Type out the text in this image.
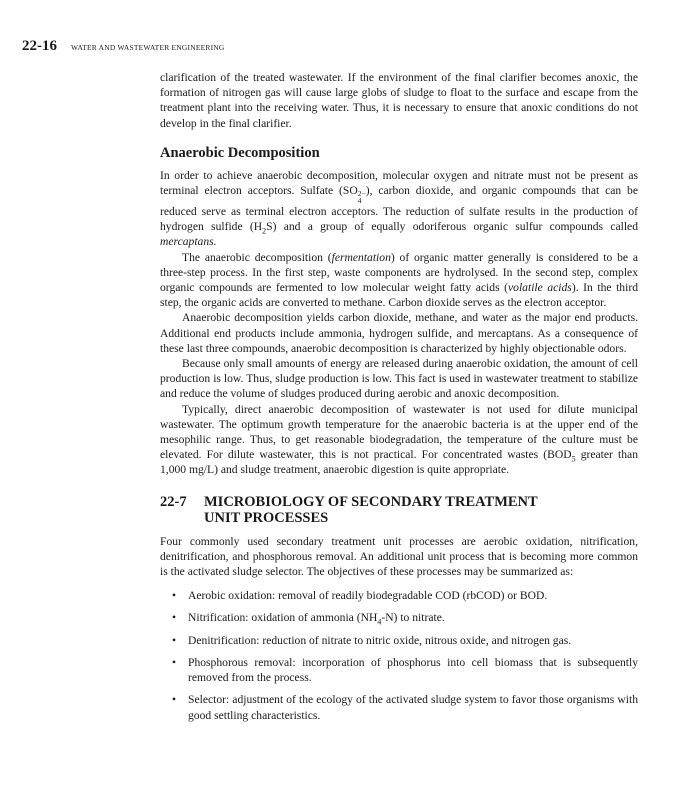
22-16 WATER AND WASTEWATER ENGINEERING

clarification of the treated wastewater. If the environment of the final clarifier becomes anoxic, the formation of nitrogen gas will cause large globs of sludge to float to the surface and escape from the treatment plant into the receiving water. Thus, it is necessary to ensure that anoxic conditions do not develop in the final clarifier.

Anaerobic Decomposition

In order to achieve anaerobic decomposition, molecular oxygen and nitrate must not be present as terminal electron acceptors. Sulfate (SO 2−
4
), carbon dioxide, and organic compounds that can be reduced serve as terminal electron acceptors. The reduction of sulfate results in the production of hydrogen sulfide $(H_2S)$ and a group of equally odoriferous organic sulfur compounds called mercaptans.

The anaerobic decomposition (fermentation) of organic matter generally is considered to be a three-step process. In the first step, waste components are hydrolysed. In the second step, complex organic compounds are fermented to low molecular weight fatty acids (volatile acids). In the third step, the organic acids are converted to methane. Carbon dioxide serves as the electron acceptor.

Anaerobic decomposition yields carbon dioxide, methane, and water as the major end products. Additional end products include ammonia, hydrogen sulfide, and mercaptans. As a consequence of these last three compounds, anaerobic decomposition is characterized by highly objectionable odors.

Because only small amounts of energy are released during anaerobic oxidation, the amount of cell production is low. Thus, sludge production is low. This fact is used in wastewater treatment to stabilize and reduce the volume of sludges produced during aerobic and anoxic decomposition.

Typically, direct anaerobic decomposition of wastewater is not used for dilute municipal wastewater. The optimum growth temperature for the anaerobic bacteria is at the upper end of the mesophilic range. Thus, to get reasonable biodegradation, the temperature of the culture must be elevated. For dilute wastewater, this is not practical. For concentrated wastes ($BOD_5$ greater than 1,000 mg/L) and sludge treatment, anaerobic digestion is quite appropriate.

22-7	MICROBIOLOGY OF SECONDARY TREATMENT
UNIT PROCESSES

Four commonly used secondary treatment unit processes are aerobic oxidation, nitrification, denitrification, and phosphorous removal. An additional unit process that is becoming more common is the activated sludge selector. The objectives of these processes may be summarized as:

•	Aerobic oxidation: removal of readily biodegradable COD (rbCOD) or BOD.
•	Nitrification: oxidation of ammonia $(NH_4-N)$ to nitrate.
•	Denitrification: reduction of nitrate to nitric oxide, nitrous oxide, and nitrogen gas.
•	Phosphorous removal: incorporation of phosphorus into cell biomass that is subsequently removed from the process.
•	Selector: adjustment of the ecology of the activated sludge system to favor those organisms with good settling characteristics.
